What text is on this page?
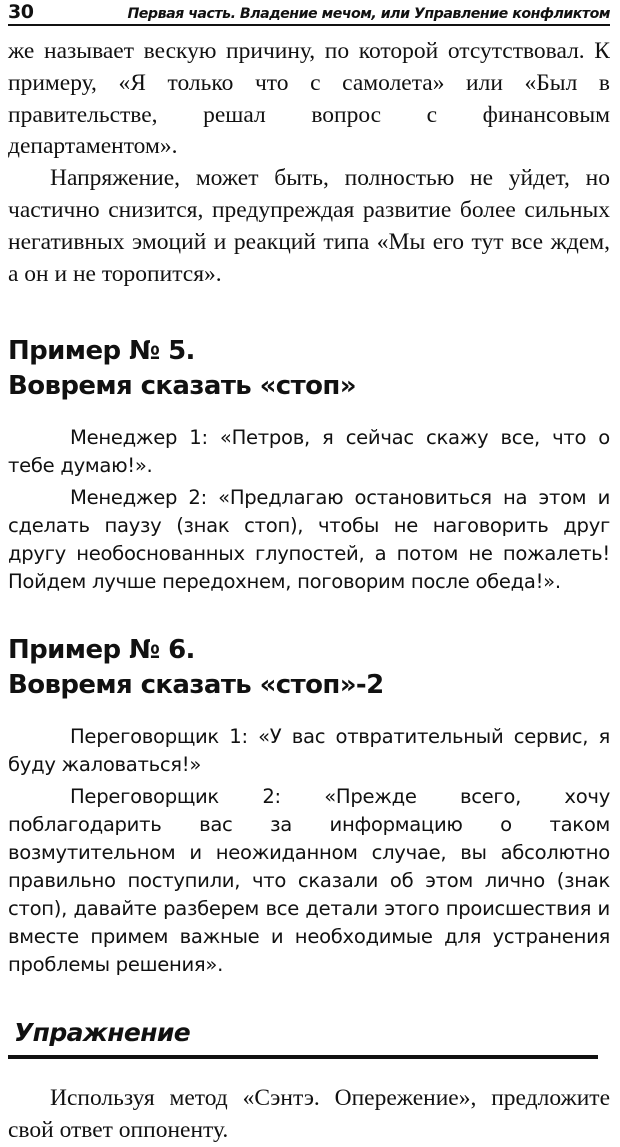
30	Первая часть. Владение мечом, или Управление конфликтом

же называет вескую причину, по которой отсутствовал. К примеру, «Я только что с самолета» или «Был в правительстве, решал вопрос с финансовым департаментом».

Напряжение, может быть, полностью не уйдет, но частично снизится, предупреждая развитие более сильных негативных эмоций и реакций типа «Мы его тут все ждем, а он и не торопится».

Пример № 5.
Вовремя сказать «стоп»

Менеджер 1: «Петров, я сейчас скажу все, что о тебе думаю!».

Менеджер 2: «Предлагаю остановиться на этом и сделать паузу (знак стоп), чтобы не наговорить друг другу необоснованных глупостей, а потом не пожалеть! Пойдем лучше передохнем, поговорим после обеда!».

Пример № 6.
Вовремя сказать «стоп»-2

Переговорщик 1: «У вас отвратительный сервис, я буду жаловаться!»

Переговорщик 2: «Прежде всего, хочу поблагодарить вас за информацию о таком возмутительном и неожиданном случае, вы абсолютно правильно поступили, что сказали об этом лично (знак стоп), давайте разберем все детали этого происшествия и вместе примем важные и необходимые для устранения проблемы решения».

Упражнение

Используя метод «Сэнтэ. Опережение», предложите свой ответ оппоненту.
